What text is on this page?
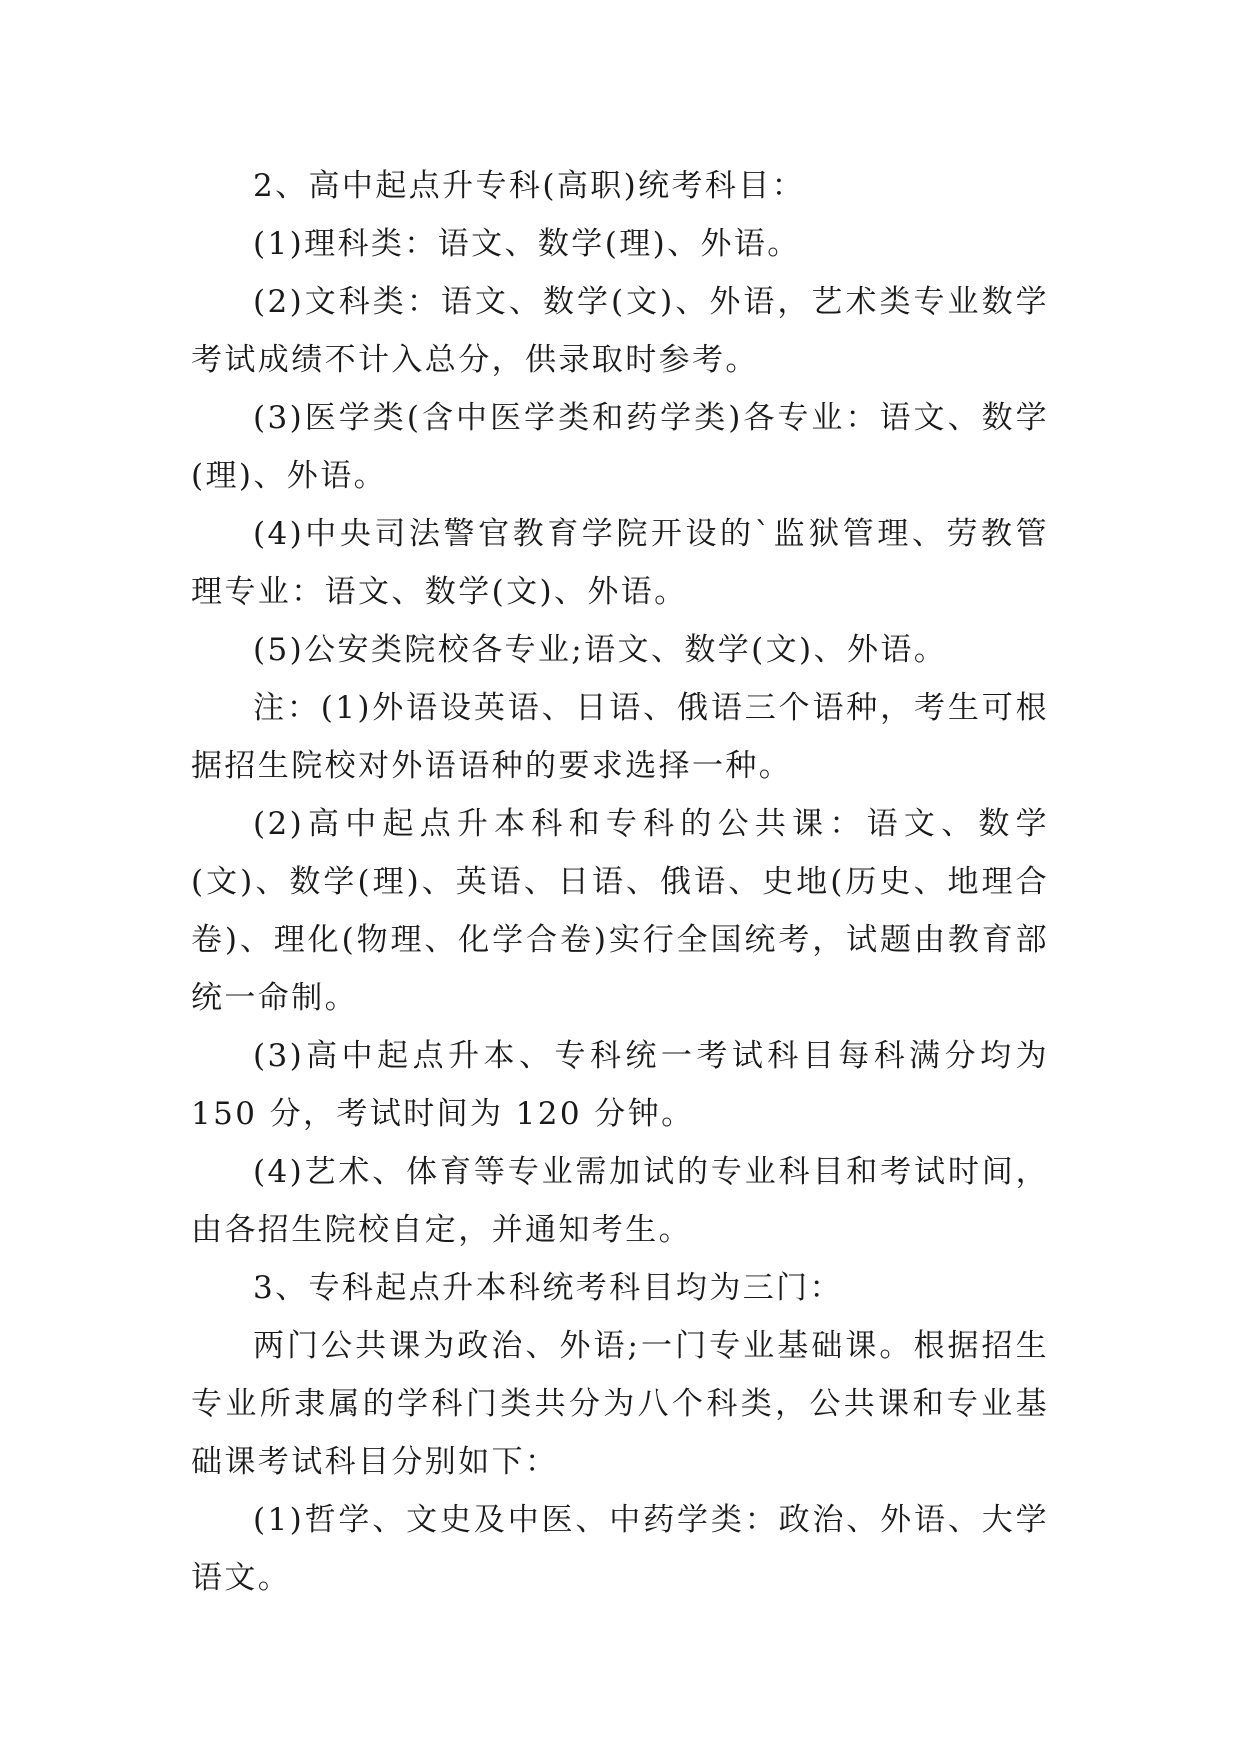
2、高中起点升专科(高职)统考科目：

(1)理科类：语文、数学(理)、外语。

(2)文科类：语文、数学(文)、外语，艺术类专业数学考试成绩不计入总分，供录取时参考。

(3)医学类(含中医学类和药学类)各专业：语文、数学(理)、外语。

(4)中央司法警官教育学院开设的`监狱管理、劳教管理专业：语文、数学(文)、外语。

(5)公安类院校各专业;语文、数学(文)、外语。

注：(1)外语设英语、日语、俄语三个语种，考生可根据招生院校对外语语种的要求选择一种。

(2)高中起点升本科和专科的公共课：语文、数学(文)、数学(理)、英语、日语、俄语、史地(历史、地理合卷)、理化(物理、化学合卷)实行全国统考，试题由教育部统一命制。

(3)高中起点升本、专科统一考试科目每科满分均为 150 分，考试时间为 120 分钟。

(4)艺术、体育等专业需加试的专业科目和考试时间，由各招生院校自定，并通知考生。

3、专科起点升本科统考科目均为三门：

两门公共课为政治、外语;一门专业基础课。根据招生专业所隶属的学科门类共分为八个科类，公共课和专业基础课考试科目分别如下：

(1)哲学、文史及中医、中药学类：政治、外语、大学语文。
